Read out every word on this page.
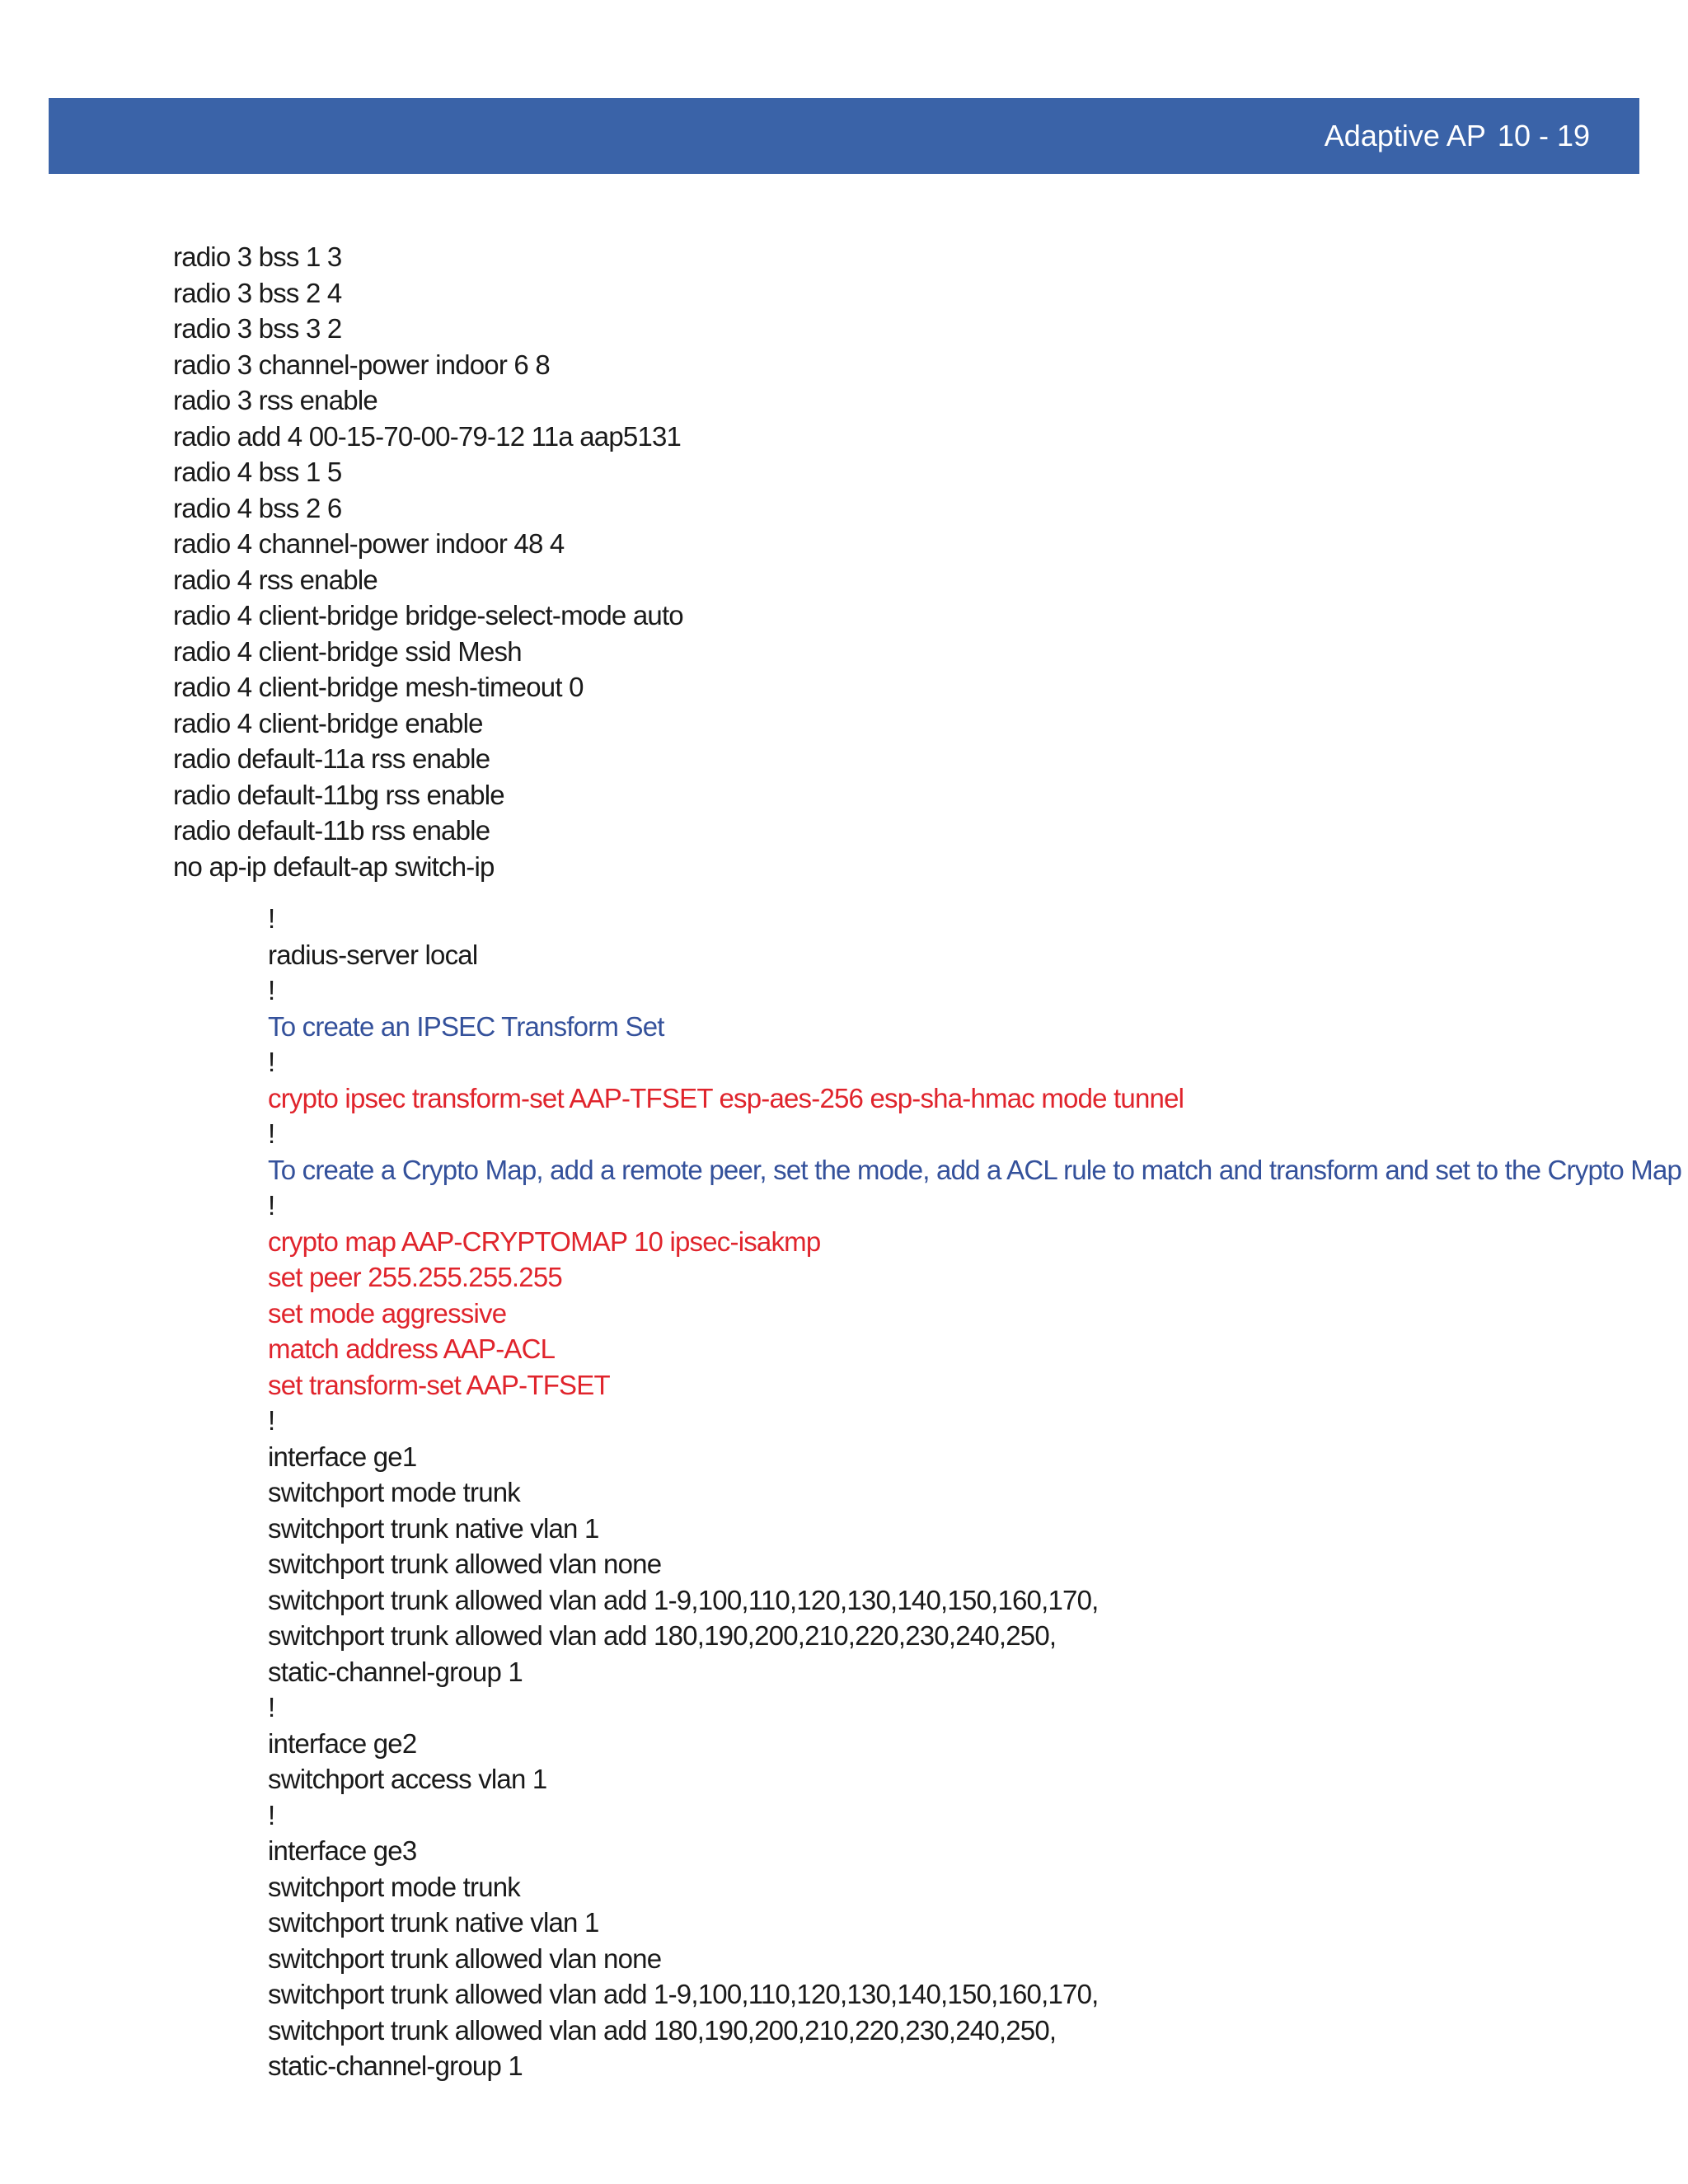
Adaptive AP 10 - 19
radio 3 bss 1 3
radio 3 bss 2 4
radio 3 bss 3 2
radio 3 channel-power indoor 6 8
radio 3 rss enable
radio add 4 00-15-70-00-79-12 11a aap5131
radio 4 bss 1 5
radio 4 bss 2 6
radio 4 channel-power indoor 48 4
radio 4 rss enable
radio 4 client-bridge bridge-select-mode auto
radio 4 client-bridge ssid Mesh
radio 4 client-bridge mesh-timeout 0
radio 4 client-bridge enable
radio default-11a rss enable
radio default-11bg rss enable
radio default-11b rss enable
no ap-ip default-ap switch-ip
!
radius-server local
!
To create an IPSEC Transform Set
!
crypto ipsec transform-set AAP-TFSET esp-aes-256 esp-sha-hmac mode tunnel
!
To create a Crypto Map, add a remote peer, set the mode, add a ACL rule to match and transform and set to the Crypto Map
!
crypto map AAP-CRYPTOMAP 10 ipsec-isakmp
set peer 255.255.255.255
set mode aggressive
match address AAP-ACL
set transform-set AAP-TFSET
!
interface ge1
switchport mode trunk
switchport trunk native vlan 1
switchport trunk allowed vlan none
switchport trunk allowed vlan add 1-9,100,110,120,130,140,150,160,170,
switchport trunk allowed vlan add 180,190,200,210,220,230,240,250,
static-channel-group 1
!
interface ge2
switchport access vlan 1
!
interface ge3
switchport mode trunk
switchport trunk native vlan 1
switchport trunk allowed vlan none
switchport trunk allowed vlan add 1-9,100,110,120,130,140,150,160,170,
switchport trunk allowed vlan add 180,190,200,210,220,230,240,250,
static-channel-group 1
